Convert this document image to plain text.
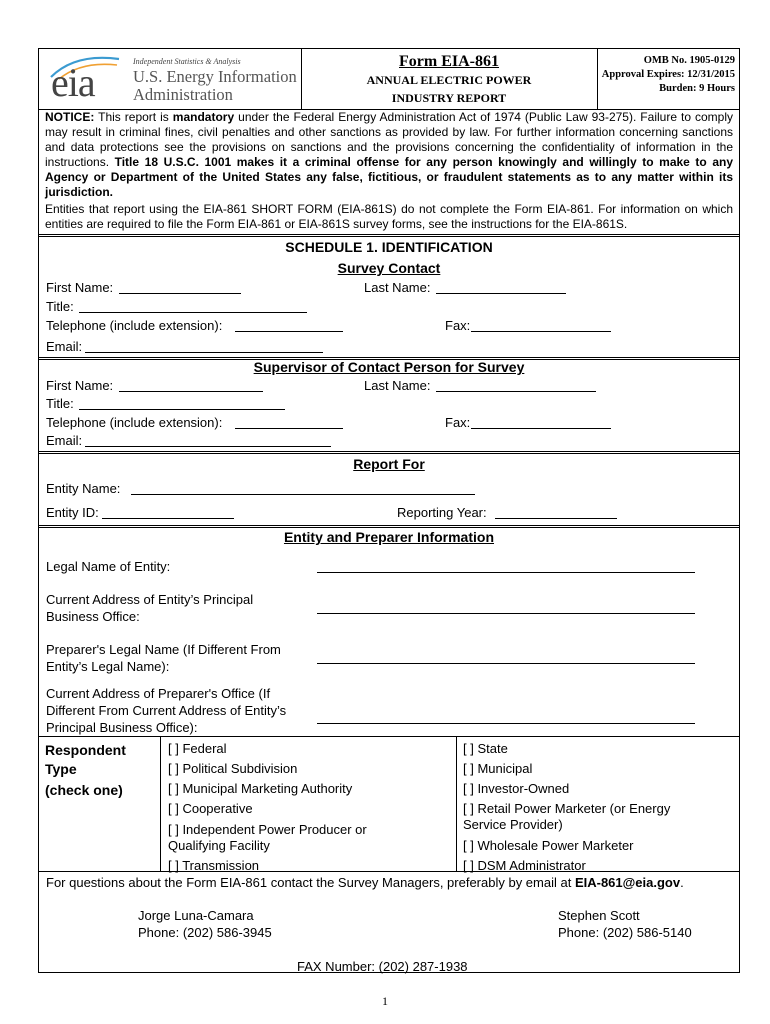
eia	Independent Statistics & Analysis
U.S. Energy Information
Administration
Form EIA-861
ANNUAL ELECTRIC POWER
INDUSTRY REPORT
OMB No. 1905-0129
Approval Expires: 12/31/2015
Burden: 9 Hours

NOTICE: This report is mandatory under the Federal Energy Administration Act of 1974 (Public Law 93-275). Failure to comply may result in criminal fines, civil penalties and other sanctions as provided by law. For further information concerning sanctions and data protections see the provisions on sanctions and the provisions concerning the confidentiality of information in the instructions. Title 18 U.S.C. 1001 makes it a criminal offense for any person knowingly and willingly to make to any Agency or Department of the United States any false, fictitious, or fraudulent statements as to any matter within its jurisdiction.

Entities that report using the EIA-861 SHORT FORM (EIA-861S) do not complete the Form EIA-861. For information on which entities are required to file the Form EIA-861 or EIA-861S survey forms, see the instructions for the EIA-861S.

SCHEDULE 1. IDENTIFICATION
Survey Contact
First Name:	Last Name:
Title:
Telephone (include extension):	Fax:
Email:
Supervisor of Contact Person for Survey
First Name:	Last Name:
Title:
Telephone (include extension):	Fax:
Email:
Report For
Entity Name:
Entity ID:	Reporting Year:
Entity and Preparer Information
Legal Name of Entity:
Current Address of Entity’s Principal
Business Office:
Preparer's Legal Name (If Different From
Entity’s Legal Name):
Current Address of Preparer's Office (If
Different From Current Address of Entity’s
Principal Business Office):
Respondent
Type
(check one)
[ ] Federal
[ ] Political Subdivision
[ ] Municipal Marketing Authority
[ ] Cooperative
[ ] Independent Power Producer or
Qualifying Facility
[ ] Transmission
[ ] State
[ ] Municipal
[ ] Investor-Owned
[ ] Retail Power Marketer (or Energy
Service Provider)
[ ] Wholesale Power Marketer
[ ] DSM Administrator
For questions about the Form EIA-861 contact the Survey Managers, preferably by email at EIA-861@eia.gov.
Jorge Luna-Camara
Phone: (202) 586-3945
Stephen Scott
Phone: (202) 586-5140
FAX Number: (202) 287-1938
1
